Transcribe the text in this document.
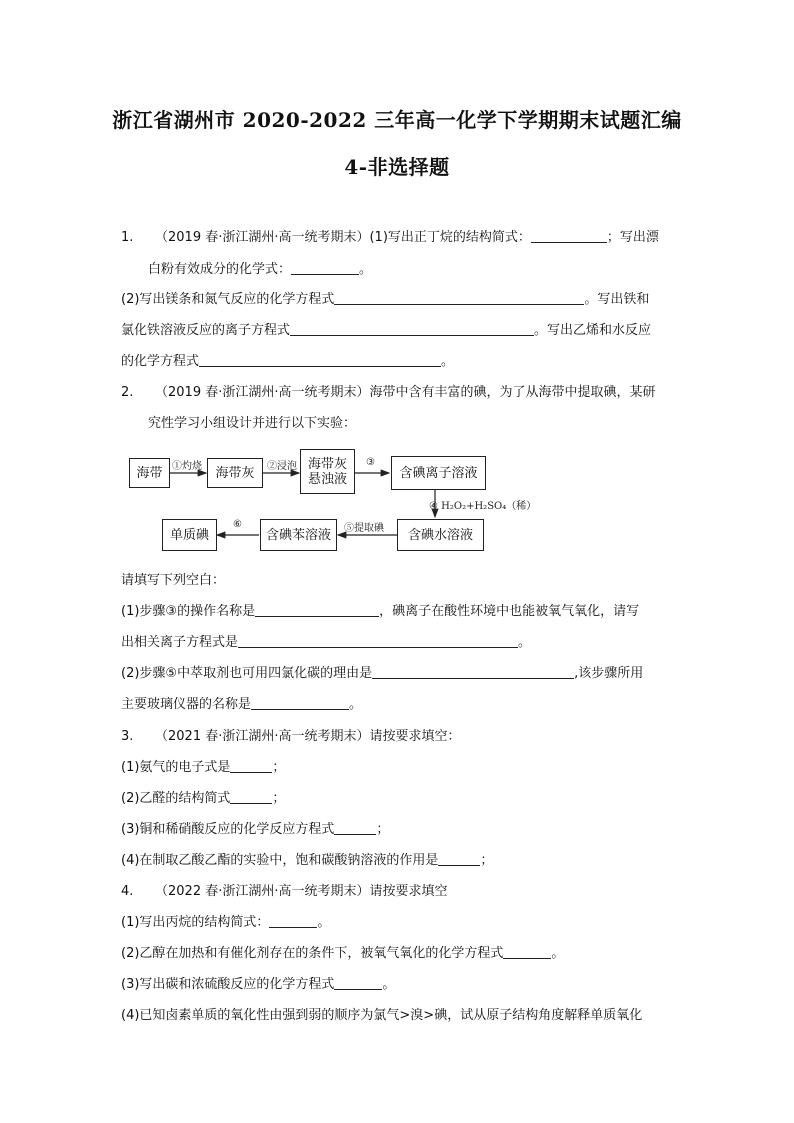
浙江省湖州市 2020-2022 三年高一化学下学期期末试题汇编
4-非选择题
1. （2019 春·浙江湖州·高一统考期末）(1)写出正丁烷的结构简式：	；写出漂
白粉有效成分的化学式：	。
(2)写出镁条和氮气反应的化学方程式	。写出铁和
氯化铁溶液反应的离子方程式	。写出乙烯和水反应
的化学方程式	。
2. （2019 春·浙江湖州·高一统考期末）海带中含有丰富的碘，为了从海带中提取碘，某研
究性学习小组设计并进行以下实验：
海带	海带灰
海带灰
悬浊液	含碘离子溶液
含碘水溶液
含碘苯溶液
单质碘
①灼烧	②浸泡	③
④ H₂O₂+H₂SO₄（稀）
⑤提取碘
⑥
请填写下列空白：
(1)步骤③的操作名称是	，碘离子在酸性环境中也能被氧气氧化，请写
出相关离子方程式是	。
(2)步骤⑤中萃取剂也可用四氯化碳的理由是	,该步骤所用
主要玻璃仪器的名称是	。
3. （2021 春·浙江湖州·高一统考期末）请按要求填空：
(1)氨气的电子式是	；
(2)乙醛的结构简式	；
(3)铜和稀硝酸反应的化学反应方程式	；
(4)在制取乙酸乙酯的实验中，饱和碳酸钠溶液的作用是	；
4. （2022 春·浙江湖州·高一统考期末）请按要求填空
(1)写出丙烷的结构简式：	。
(2)乙醇在加热和有催化剂存在的条件下，被氧气氧化的化学方程式	。
(3)写出碳和浓硫酸反应的化学方程式	。
(4)已知卤素单质的氧化性由强到弱的顺序为氯气>溴>碘，试从原子结构角度解释单质氧化
